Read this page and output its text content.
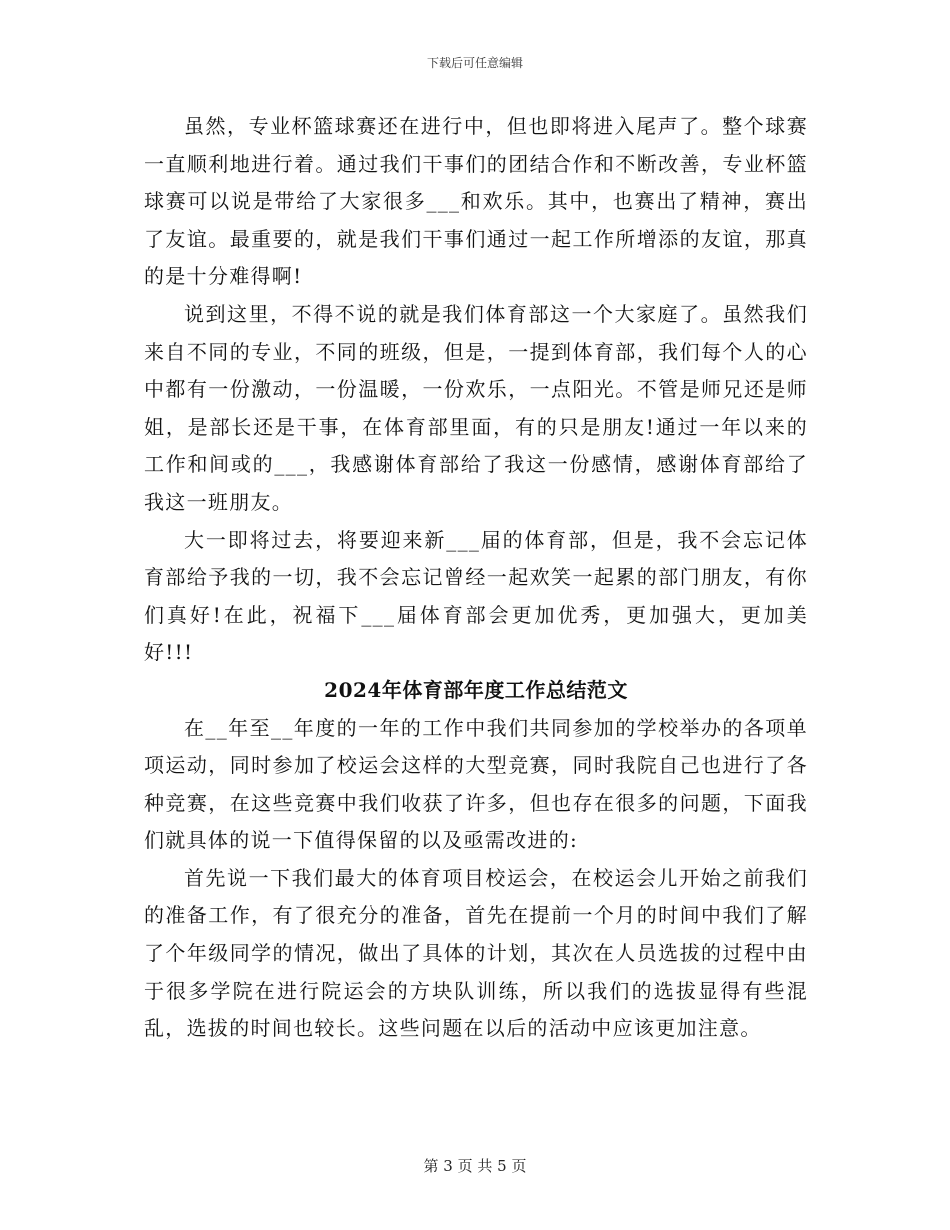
下载后可任意编辑

虽然，专业杯篮球赛还在进行中，但也即将进入尾声了。整个球赛一直顺利地进行着。通过我们干事们的团结合作和不断改善，专业杯篮球赛可以说是带给了大家很多___和欢乐。其中，也赛出了精神，赛出了友谊。最重要的，就是我们干事们通过一起工作所增添的友谊，那真的是十分难得啊!

说到这里，不得不说的就是我们体育部这一个大家庭了。虽然我们来自不同的专业，不同的班级，但是，一提到体育部，我们每个人的心中都有一份激动，一份温暖，一份欢乐，一点阳光。不管是师兄还是师姐，是部长还是干事，在体育部里面，有的只是朋友!通过一年以来的工作和间或的___，我感谢体育部给了我这一份感情，感谢体育部给了我这一班朋友。

大一即将过去，将要迎来新___届的体育部，但是，我不会忘记体育部给予我的一切，我不会忘记曾经一起欢笑一起累的部门朋友，有你们真好!在此，祝福下___届体育部会更加优秀，更加强大，更加美好!!!

2024年体育部年度工作总结范文

在__年至__年度的一年的工作中我们共同参加的学校举办的各项单项运动，同时参加了校运会这样的大型竞赛，同时我院自己也进行了各种竞赛，在这些竞赛中我们收获了许多，但也存在很多的问题，下面我们就具体的说一下值得保留的以及亟需改进的:

首先说一下我们最大的体育项目校运会，在校运会儿开始之前我们的准备工作，有了很充分的准备，首先在提前一个月的时间中我们了解了个年级同学的情况，做出了具体的计划，其次在人员选拔的过程中由于很多学院在进行院运会的方块队训练，所以我们的选拔显得有些混乱，选拔的时间也较长。这些问题在以后的活动中应该更加注意。

第 3 页 共 5 页
